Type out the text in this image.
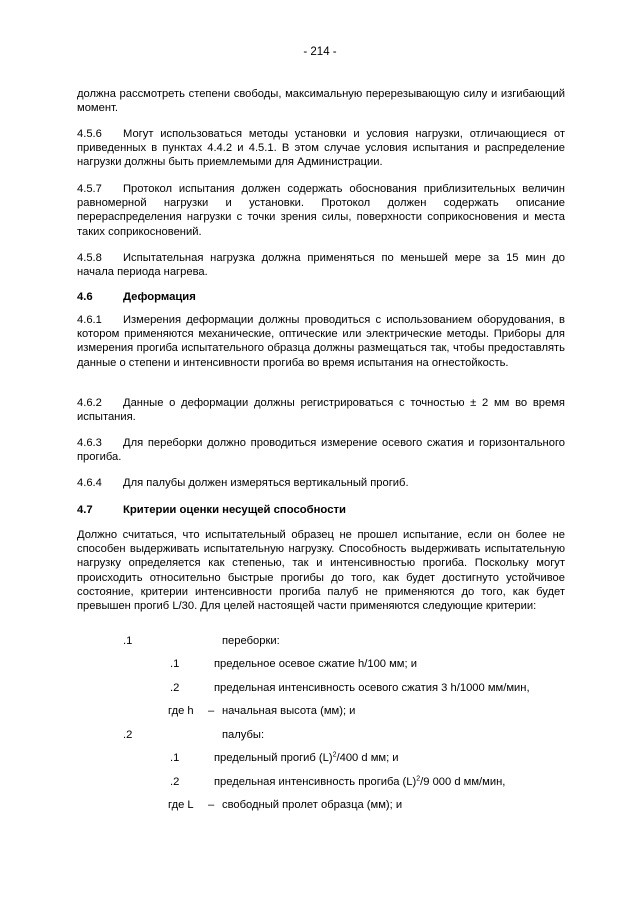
- 214 -
должна рассмотреть степени свободы, максимальную перерезывающую силу и изгибающий момент.
4.5.6 Могут использоваться методы установки и условия нагрузки, отличающиеся от приведенных в пунктах 4.4.2 и 4.5.1. В этом случае условия испытания и распределение нагрузки должны быть приемлемыми для Администрации.
4.5.7 Протокол испытания должен содержать обоснования приблизительных величин равномерной нагрузки и установки. Протокол должен содержать описание перераспределения нагрузки с точки зрения силы, поверхности соприкосновения и места таких соприкосновений.
4.5.8 Испытательная нагрузка должна применяться по меньшей мере за 15 мин до начала периода нагрева.
4.6	Деформация
4.6.1 Измерения деформации должны проводиться с использованием оборудования, в котором применяются механические, оптические или электрические методы. Приборы для измерения прогиба испытательного образца должны размещаться так, чтобы предоставлять данные о степени и интенсивности прогиба во время испытания на огнестойкость.
4.6.2 Данные о деформации должны регистрироваться с точностью ± 2 мм во время испытания.
4.6.3 Для переборки должно проводиться измерение осевого сжатия и горизонтального прогиба.
4.6.4 Для палубы должен измеряться вертикальный прогиб.
4.7	Критерии оценки несущей способности
Должно считаться, что испытательный образец не прошел испытание, если он более не способен выдерживать испытательную нагрузку. Способность выдерживать испытательную нагрузку определяется как степенью, так и интенсивностью прогиба. Поскольку могут происходить относительно быстрые прогибы до того, как будет достигнуто устойчивое состояние, критерии интенсивности прогиба палуб не применяются до того, как будет превышен прогиб L/30. Для целей настоящей части применяются следующие критерии:
.1	переборки:
.1	предельное осевое сжатие h/100 мм; и
.2	предельная интенсивность осевого сжатия 3 h/1000 мм/мин,
где h – начальная высота (мм); и
.2	палубы:
.1	предельный прогиб $(L)^2/400$ d мм; и
.2	предельная интенсивность прогиба $(L)^2/9$ 000 d мм/мин,
где L – свободный пролет образца (мм); и
